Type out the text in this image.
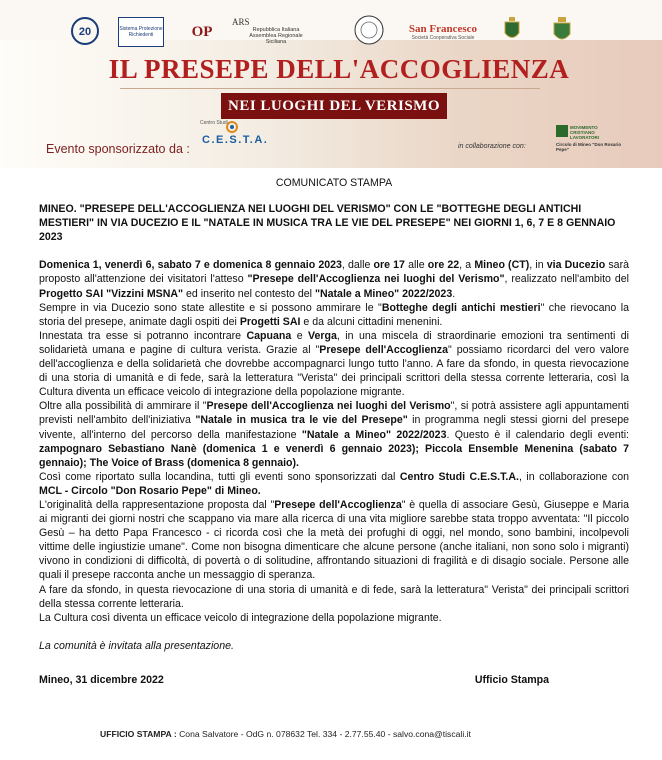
20	Sistema Protezione Richiedenti	OP
ARS
Repubblica Italiana Assemblea Regionale Siciliana
San Francesco
Società Cooperativa Sociale
IL PRESEPE DELL'ACCOGLIENZA
NEI LUOGHI DEL VERISMO
Evento sponsorizzato da :
Centro Studi
C.E.S.T.A.
in collaborazione con:
MOVIMENTO CRISTIANO LAVORATORI
Circolo di Mineo "Don Rosario Pepe"
COMUNICATO STAMPA
MINEO. "PRESEPE DELL'ACCOGLIENZA NEI LUOGHI DEL VERISMO" CON LE "BOTTEGHE DEGLI ANTICHI MESTIERI" IN VIA DUCEZIO E IL "NATALE IN MUSICA TRA LE VIE DEL PRESEPE" NEI GIORNI 1, 6, 7 E 8 GENNAIO 2023

Domenica 1, venerdì 6, sabato 7 e domenica 8 gennaio 2023, dalle ore 17 alle ore 22, a Mineo (CT), in via Ducezio sarà proposto all'attenzione dei visitatori l'atteso "Presepe dell'Accoglienza nei luoghi del Verismo", realizzato nell'ambito del Progetto SAI "Vizzini MSNA" ed inserito nel contesto del "Natale a Mineo" 2022/2023.

Sempre in via Ducezio sono state allestite e si possono ammirare le "Botteghe degli antichi mestieri" che rievocano la storia del presepe, animate dagli ospiti dei Progetti SAI e da alcuni cittadini menenini.

Innestata tra esse si potranno incontrare Capuana e Verga, in una miscela di straordinarie emozioni tra sentimenti di solidarietà umana e pagine di cultura verista. Grazie al "Presepe dell'Accoglienza" possiamo ricordarci del vero valore dell'accoglienza e della solidarietà che dovrebbe accompagnarci lungo tutto l'anno. A fare da sfondo, in questa rievocazione di una storia di umanità e di fede, sarà la letteratura "Verista" dei principali scrittori della stessa corrente letteraria, così la Cultura diventa un efficace veicolo di integrazione della popolazione migrante.

Oltre alla possibilità di ammirare il "Presepe dell'Accoglienza nei luoghi del Verismo", si potrà assistere agli appuntamenti previsti nell'ambito dell'iniziativa "Natale in musica tra le vie del Presepe" in programma negli stessi giorni del presepe vivente, all'interno del percorso della manifestazione "Natale a Mineo" 2022/2023. Questo è il calendario degli eventi: zampognaro Sebastiano Nanè (domenica 1 e venerdì 6 gennaio 2023); Piccola Ensemble Menenina (sabato 7 gennaio); The Voice of Brass (domenica 8 gennaio).

Così come riportato sulla locandina, tutti gli eventi sono sponsorizzati dal Centro Studi C.E.S.T.A., in collaborazione con MCL - Circolo "Don Rosario Pepe" di Mineo.

L'originalità della rappresentazione proposta dal "Presepe dell'Accoglienza" è quella di associare Gesù, Giuseppe e Maria ai migranti dei giorni nostri che scappano via mare alla ricerca di una vita migliore sarebbe stata troppo avventata: "Il piccolo Gesù – ha detto Papa Francesco - ci ricorda così che la metà dei profughi di oggi, nel mondo, sono bambini, incolpevoli vittime delle ingiustizie umane". Come non bisogna dimenticare che alcune persone (anche italiani, non sono solo i migranti) vivono in condizioni di difficoltà, di povertà o di solitudine, affrontando situazioni di fragilità e di disagio sociale. Persone alle quali il presepe racconta anche un messaggio di speranza.

A fare da sfondo, in questa rievocazione di una storia di umanità e di fede, sarà la letteratura" Verista" dei principali scrittori della stessa corrente letteraria.

La Cultura così diventa un efficace veicolo di integrazione della popolazione migrante.

La comunità è invitata alla presentazione.
Mineo, 31 dicembre 2022	Ufficio Stampa
UFFICIO STAMPA : Cona Salvatore - OdG n. 078632 Tel. 334 - 2.77.55.40 - salvo.cona@tiscali.it
